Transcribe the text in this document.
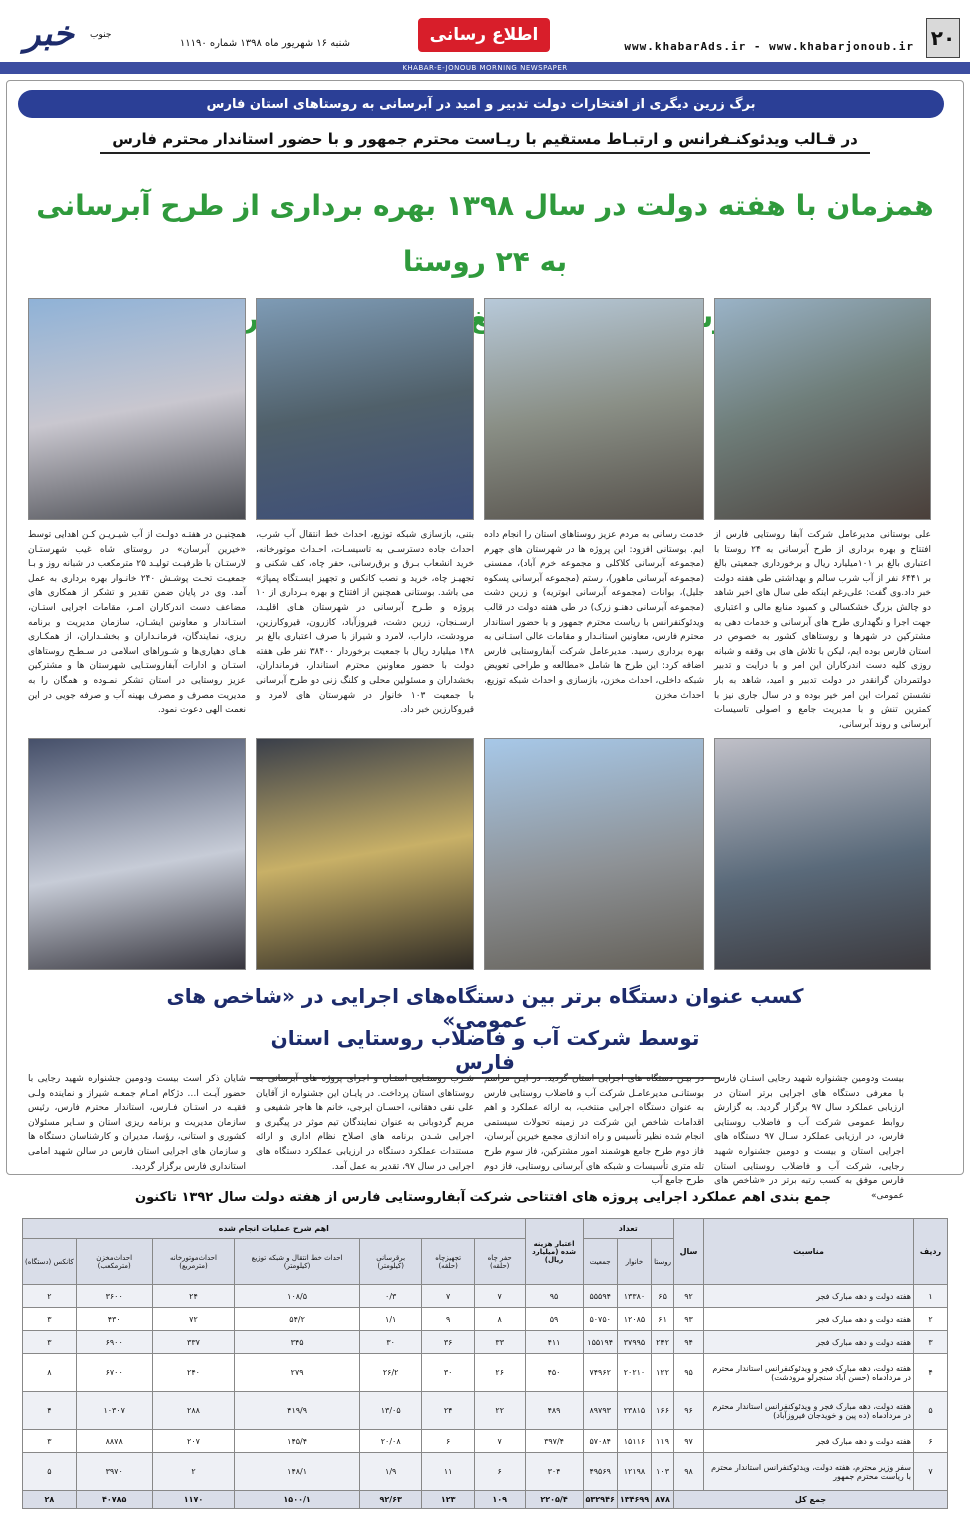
۲۰
www.khabarAds.ir - www.khabarjonoub.ir
اطلاع رسانی
خبر	جنوب
شنبه ۱۶ شهریور ماه ۱۳۹۸ شماره ۱۱۱۹۰
KHABAR-E-JONOUB MORNING NEWSPAPER
برگ زرین دیگری از افتخارات دولت تدبیر و امید در آبرسانی به روستاهای استان فارس
در قـالب ویدئوکنـفرانس و ارتبـاط مستقیم با ریـاست محترم جمهور و با حضور استاندار محترم فارس
همزمان با هفته دولت در سال ۱۳۹۸ بهره برداری از طرح آبرسانی به ۲۴ روستا
علی بوستانی مدیرعامل شرکت آبفا روستایی فارس از افتتاح و بهره برداری از طرح آبرسانی به ۲۴ روستا با اعتباری بالغ بر ۱۰۱میلیارد ریال و برخورداری جمعیتی بالغ بر ۶۴۴۱ نفر از آب شرب سالم و بهداشتی طی هفته دولت خبر داد.وی گفت: علی‌رغم اینکه طی سال های اخیر شاهد دو چالش بزرگ خشکسالی و کمبود منابع مالی و اعتباری جهت اجرا و نگهداری طرح های آبرسانی و خدمات دهی به مشترکین در شهرها و روستاهای کشور به خصوص در استان فارس بوده ایم، لیکن با تلاش های بی وقفه و شبانه روزی کلیه دست اندرکاران این امر و با درایت و تدبیر دولتمردان گرانقدر در دولت تدبیر و امید، شاهد به بار نشستن ثمرات این امر خیر بوده و در سال جاری نیز با کمترین تنش و با مدیریت جامع و اصولی تاسیسات آبرسانی و روند آبرسانی،
خدمت رسانی به مردم عزیز روستاهای استان را انجام داده ایم. بوستانی افزود: این پروژه ها در شهرستان های جهرم (مجموعه آبرسانی کلاکلی و مجموعه خرم آباد)، ممسنی (مجموعه آبرسانی ماهور)، رستم (مجموعه آبرسانی پسکوه جلیل)، بوانات (مجموعه آبرسانی ابوتریه) و زرین دشت (مجموعه آبرسانی دهنـو زرک) در طی هفته دولت در قالب ویدئوکنفرانس با ریاست محترم جمهور و با حضور استاندار محترم فارس، معاونین استانـدار و مقامات عالی استـانی به بهره برداری رسید. مدیرعامل شرکت آبفاروستایی فارس اضافه کرد: این طرح ها شامل «مطالعه و طراحی تعویض شبکه داخلی، احداث مخزن، بازسازی و احداث شبکه توزیع، احداث مخزن
بتنی، بازسازی شبکه توزیع، احداث خط انتقال آب شرب، احداث جاده دسترسـی به تاسیسـات، احـداث موتورخانه، خرید انشعاب بـرق و برق‌رسانی، حفر چاه، کف شکنی و تجهیـز چاه، خرید و نصب کانکس و تجهیز ایسـتگاه پمپاژ» می باشد. بوستانی همچنین از افتتاح و بهره بـرداری از ۱۰ پروژه و طـرح آبرسانی در شهرستان هـای اقلیـد، ارسـنجان، زرین دشت، فیروزآباد، کازرون، قیروکارزین، مرودشت، داراب، لامرد و شیراز با صرف اعتباری بالغ بر ۱۴۸ میلیارد ریال با جمعیت برخوردار ۳۸۴۰۰ نفر طی هفته دولت با حضور معاونین محترم استاندار، فرمانداران، بخشداران و مسئولین محلی و کلنگ زنی دو طرح آبرسانی با جمعیت ۱۰۳ خانوار در شهرستان های لامرد و قیروکارزین خبر داد.
همچنیـن در هفتـه دولـت از آب شیـریـن کـن اهدایی توسط «خیرین آبرسان» در روستای شاه غیب شهرستـان لارستـان با ظرفیـت تولیـد ۲۵ مترمکعب در شبانه روز و بـا جمعیـت تحـت پوشـش ۲۴۰ خانـوار بهره برداری به عمل آمد. وی در پایان ضمن تقدیر و تشکر از همکاری های مضاعف دست اندرکاران امـر، مقامات اجرایی استـان، استـاندار و معاونین ایشـان، سازمان مدیریت و برنامه ریزی، نمایندگان، فرمانـداران و بخشـداران، از همکـاری هـای دهیاری‌ها و شـوراهای اسلامی در سـطـح روستاهای استـان و ادارات آبفاروستـایی شهرستان ها و مشترکین عزیز روستایی در استان تشکر نمـوده و همگان را به مدیریت مصرف و مصرف بهینه آب و صرفه جویی در این نعمت الهی دعوت نمود.
کسب عنوان دستگاه برتر بین دستگاه‌های اجرایی در «شاخص های عمومی»
توسط شرکت آب و فاضلاب روستایی استان فارس
بیست ودومین جشنواره شهید رجایی استـان فارس با معرفی دستگاه های اجرایی برتر استان در ارزیابی عملکرد سال ۹۷ برگزار گردید. به گزارش روابط عمومی شرکت آب و فاضلاب روستایی فارس، در ارزیابی عملکرد سـال ۹۷ دستگاه های اجرایی استان و بیست و دومین جشنواره شهید رجایی، شرکت آب و فاضلاب روستایی استان فارس موفق به کسب رتبه برتر در «شاخص های عمومی»
در بیـن دستگاه های اجرایی استان گردید. در ایـن مراسم بوستانـی مدیرعامـل شرکت آب و فاضلاب روستایی فارس به عنوان دستگاه اجرایی منتخب، به ارائه عملکرد و اهم اقدامات شاخص این شرکت در زمینه تحولات سیستمی انجام شده نظیر تأسیس و راه اندازی مجمع خیرین آبرسان، فاز دوم طرح جامع هوشمند امور مشترکین، فاز سوم طرح تله متری تأسیسات و شبکه های آبرسانی روستایی، فاز دوم طرح جامع آب
شـرب روستـایی استـان و اجرای پروژه های آبرسانی به روستاهای استان پرداخت. در پایـان این جشنواره از آقایان علی نقی دهقانی، احسـان ایرجی، خانم ها هاجر شفیعی و مریم گردوبانی به عنوان نمایندگان تیم موثر در پیگیری و اجرایی شـدن برنامه های اصلاح نظام اداری و ارائه مستندات عملکرد دستگاه در ارزیابی عملکرد دستگاه های اجرایی در سال ۹۷، تقدیر به عمل آمد.
شایان ذکر است بیست ودومین جشنواره شهید رجایی با حضور آیـت ا… دژکام امـام جمعـه شیراز و نماینده ولـی فقیـه در استـان فـارس، استاندار محترم فارس، رئیس سازمان مدیریت و برنامه ریزی استان و سـایر مسئولان کشوری و استانی، رؤسا، مدیران و کارشناسان دستگاه ها و سازمان های اجرایی استان فارس در سالن شهید امامی استانداری فارس برگزار گردید.
جمع بندی اهم عملکرد اجرایی پروژه های افتتاحی شرکت آبفاروستایی فارس از هفته دولت سال ۱۳۹۲ تاکنون
ردیف	مناسبت	سال	تعداد			اعتبار هزینه شده (میلیارد ریال)	اهم شرح عملیات انجام شده						
			روستا	خانوار	جمعیت		حفر چاه (حلقه)	تجهیزچاه (حلقه)	برقرسانی (کیلومتر)	احداث خط انتقال و شبکه توزیع (کیلومتر)	احداث‌موتورخانه (مترمربع)	احداث‌مخزن (مترمکعب)	کانکس (دستگاه)
۱	هفته دولت و دهه مبارک فجر	۹۲	۶۵	۱۳۳۸۰	۵۵۵۹۴	۹۵	۷	۷	۰/۳	۱۰۸/۵	۲۴	۳۶۰۰	۲
۲	هفته دولت و دهه مبارک فجر	۹۳	۶۱	۱۲۰۸۵	۵۰۷۵۰	۵۹	۸	۹	۱/۱	۵۴/۲	۷۲	۴۳۰	۳
۳	هفته دولت و دهه مبارک فجر	۹۴	۲۴۲	۳۷۹۹۵	۱۵۵۱۹۴	۴۱۱	۳۳	۳۶	۳۰	۳۴۵	۳۳۷	۶۹۰۰	۳
۴	هفته دولت، دهه مبارک فجر و ویدئوکنفرانس استاندار محترم در مردادماه (حسن آباد سنجرلو مرودشت)	۹۵	۱۲۲	۲۰۲۱۰	۷۴۹۶۲	۴۵۰	۲۶	۳۰	۲۶/۲	۲۷۹	۲۴۰	۶۷۰۰	۸
۵	هفته دولت، دهه مبارک فجر و ویدئوکنفرانس استاندار محترم در مردادماه (ده پین و خویدجان فیروزآباد)	۹۶	۱۶۶	۲۳۸۱۵	۸۹۷۹۳	۴۸۹	۲۲	۲۴	۱۳/۰۵	۴۱۹/۹	۲۸۸	۱۰۳۰۷	۴
۶	هفته دولت و دهه مبارک فجر	۹۷	۱۱۹	۱۵۱۱۶	۵۷۰۸۴	۳۹۷/۴	۷	۶	۲۰/۰۸	۱۴۵/۴	۲۰۷	۸۸۷۸	۳
۷	سفر وزیر محترم، هفته دولت، ویدئوکنفرانس استاندار محترم با ریاست محترم جمهور	۹۸	۱۰۳	۱۲۱۹۸	۴۹۵۶۹	۳۰۴	۶	۱۱	۱/۹	۱۴۸/۱	۲	۳۹۷۰	۵
جمع کل			۸۷۸	۱۳۴۶۹۹	۵۳۲۹۴۶	۲۲۰۵/۴	۱۰۹	۱۲۳	۹۲/۶۳	۱۵۰۰/۱	۱۱۷۰	۴۰۷۸۵	۲۸
